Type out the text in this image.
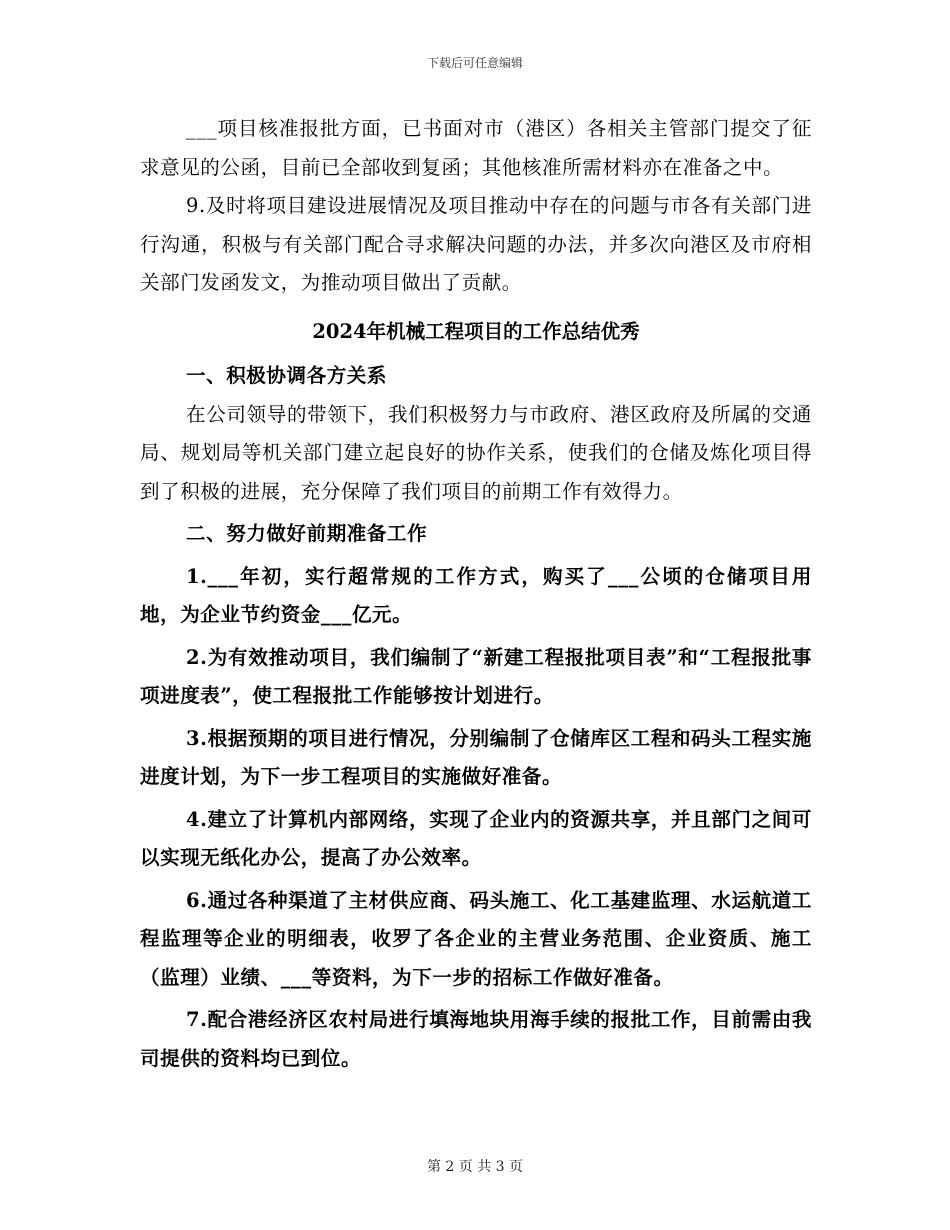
下载后可任意编辑

___项目核准报批方面，已书面对市（港区）各相关主管部门提交了征求意见的公函，目前已全部收到复函；其他核准所需材料亦在准备之中。

9.及时将项目建设进展情况及项目推动中存在的问题与市各有关部门进行沟通，积极与有关部门配合寻求解决问题的办法，并多次向港区及市府相关部门发函发文，为推动项目做出了贡献。

2024年机械工程项目的工作总结优秀

一、积极协调各方关系

在公司领导的带领下，我们积极努力与市政府、港区政府及所属的交通局、规划局等机关部门建立起良好的协作关系，使我们的仓储及炼化项目得到了积极的进展，充分保障了我们项目的前期工作有效得力。

二、努力做好前期准备工作

1.___年初，实行超常规的工作方式，购买了___公顷的仓储项目用地，为企业节约资金___亿元。

2.为有效推动项目，我们编制了“新建工程报批项目表”和“工程报批事项进度表”，使工程报批工作能够按计划进行。

3.根据预期的项目进行情况，分别编制了仓储库区工程和码头工程实施进度计划，为下一步工程项目的实施做好准备。

4.建立了计算机内部网络，实现了企业内的资源共享，并且部门之间可以实现无纸化办公，提高了办公效率。

6.通过各种渠道了主材供应商、码头施工、化工基建监理、水运航道工程监理等企业的明细表，收罗了各企业的主营业务范围、企业资质、施工（监理）业绩、___等资料，为下一步的招标工作做好准备。

7.配合港经济区农村局进行填海地块用海手续的报批工作，目前需由我司提供的资料均已到位。

第 2 页 共 3 页
